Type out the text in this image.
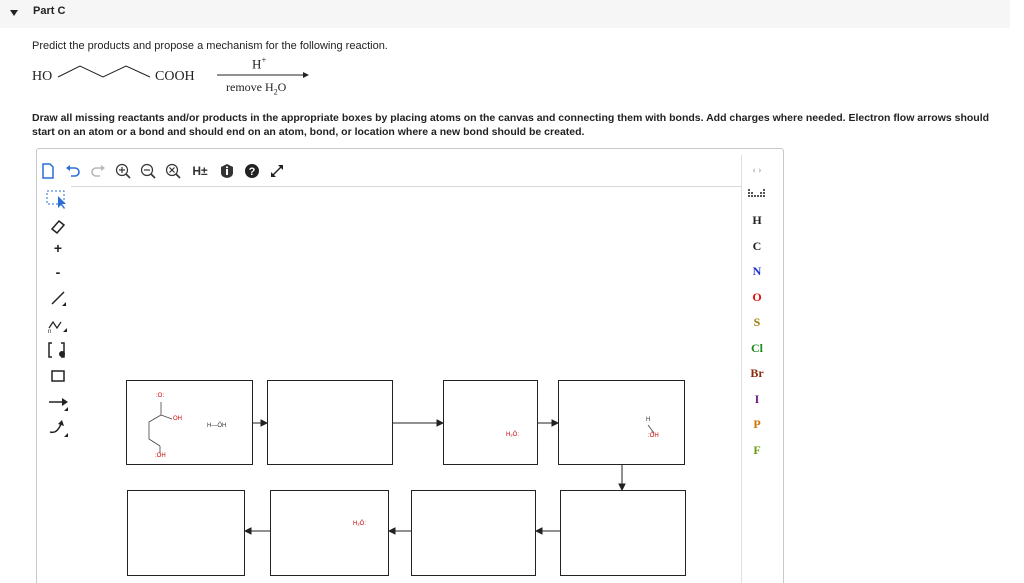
Part C
Predict the products and propose a mechanism for the following reaction.
HO	COOH
H+
remove $H_2O$
Draw all missing reactants and/or products in the appropriate boxes by placing atoms on the canvas and connecting them with bonds. Add charges where needed. Electron flow arrows should start on an atom or a bond and should end on an atom, bond, or location where a new bond should be created.
H±	?
+
-
n
‹ ›
H
C
N
O
S
Cl
Br
I
P
F
:O:
OH
:OH
H—ÖH
H₂Ö:
H
:ÖH
H₂Ö:
